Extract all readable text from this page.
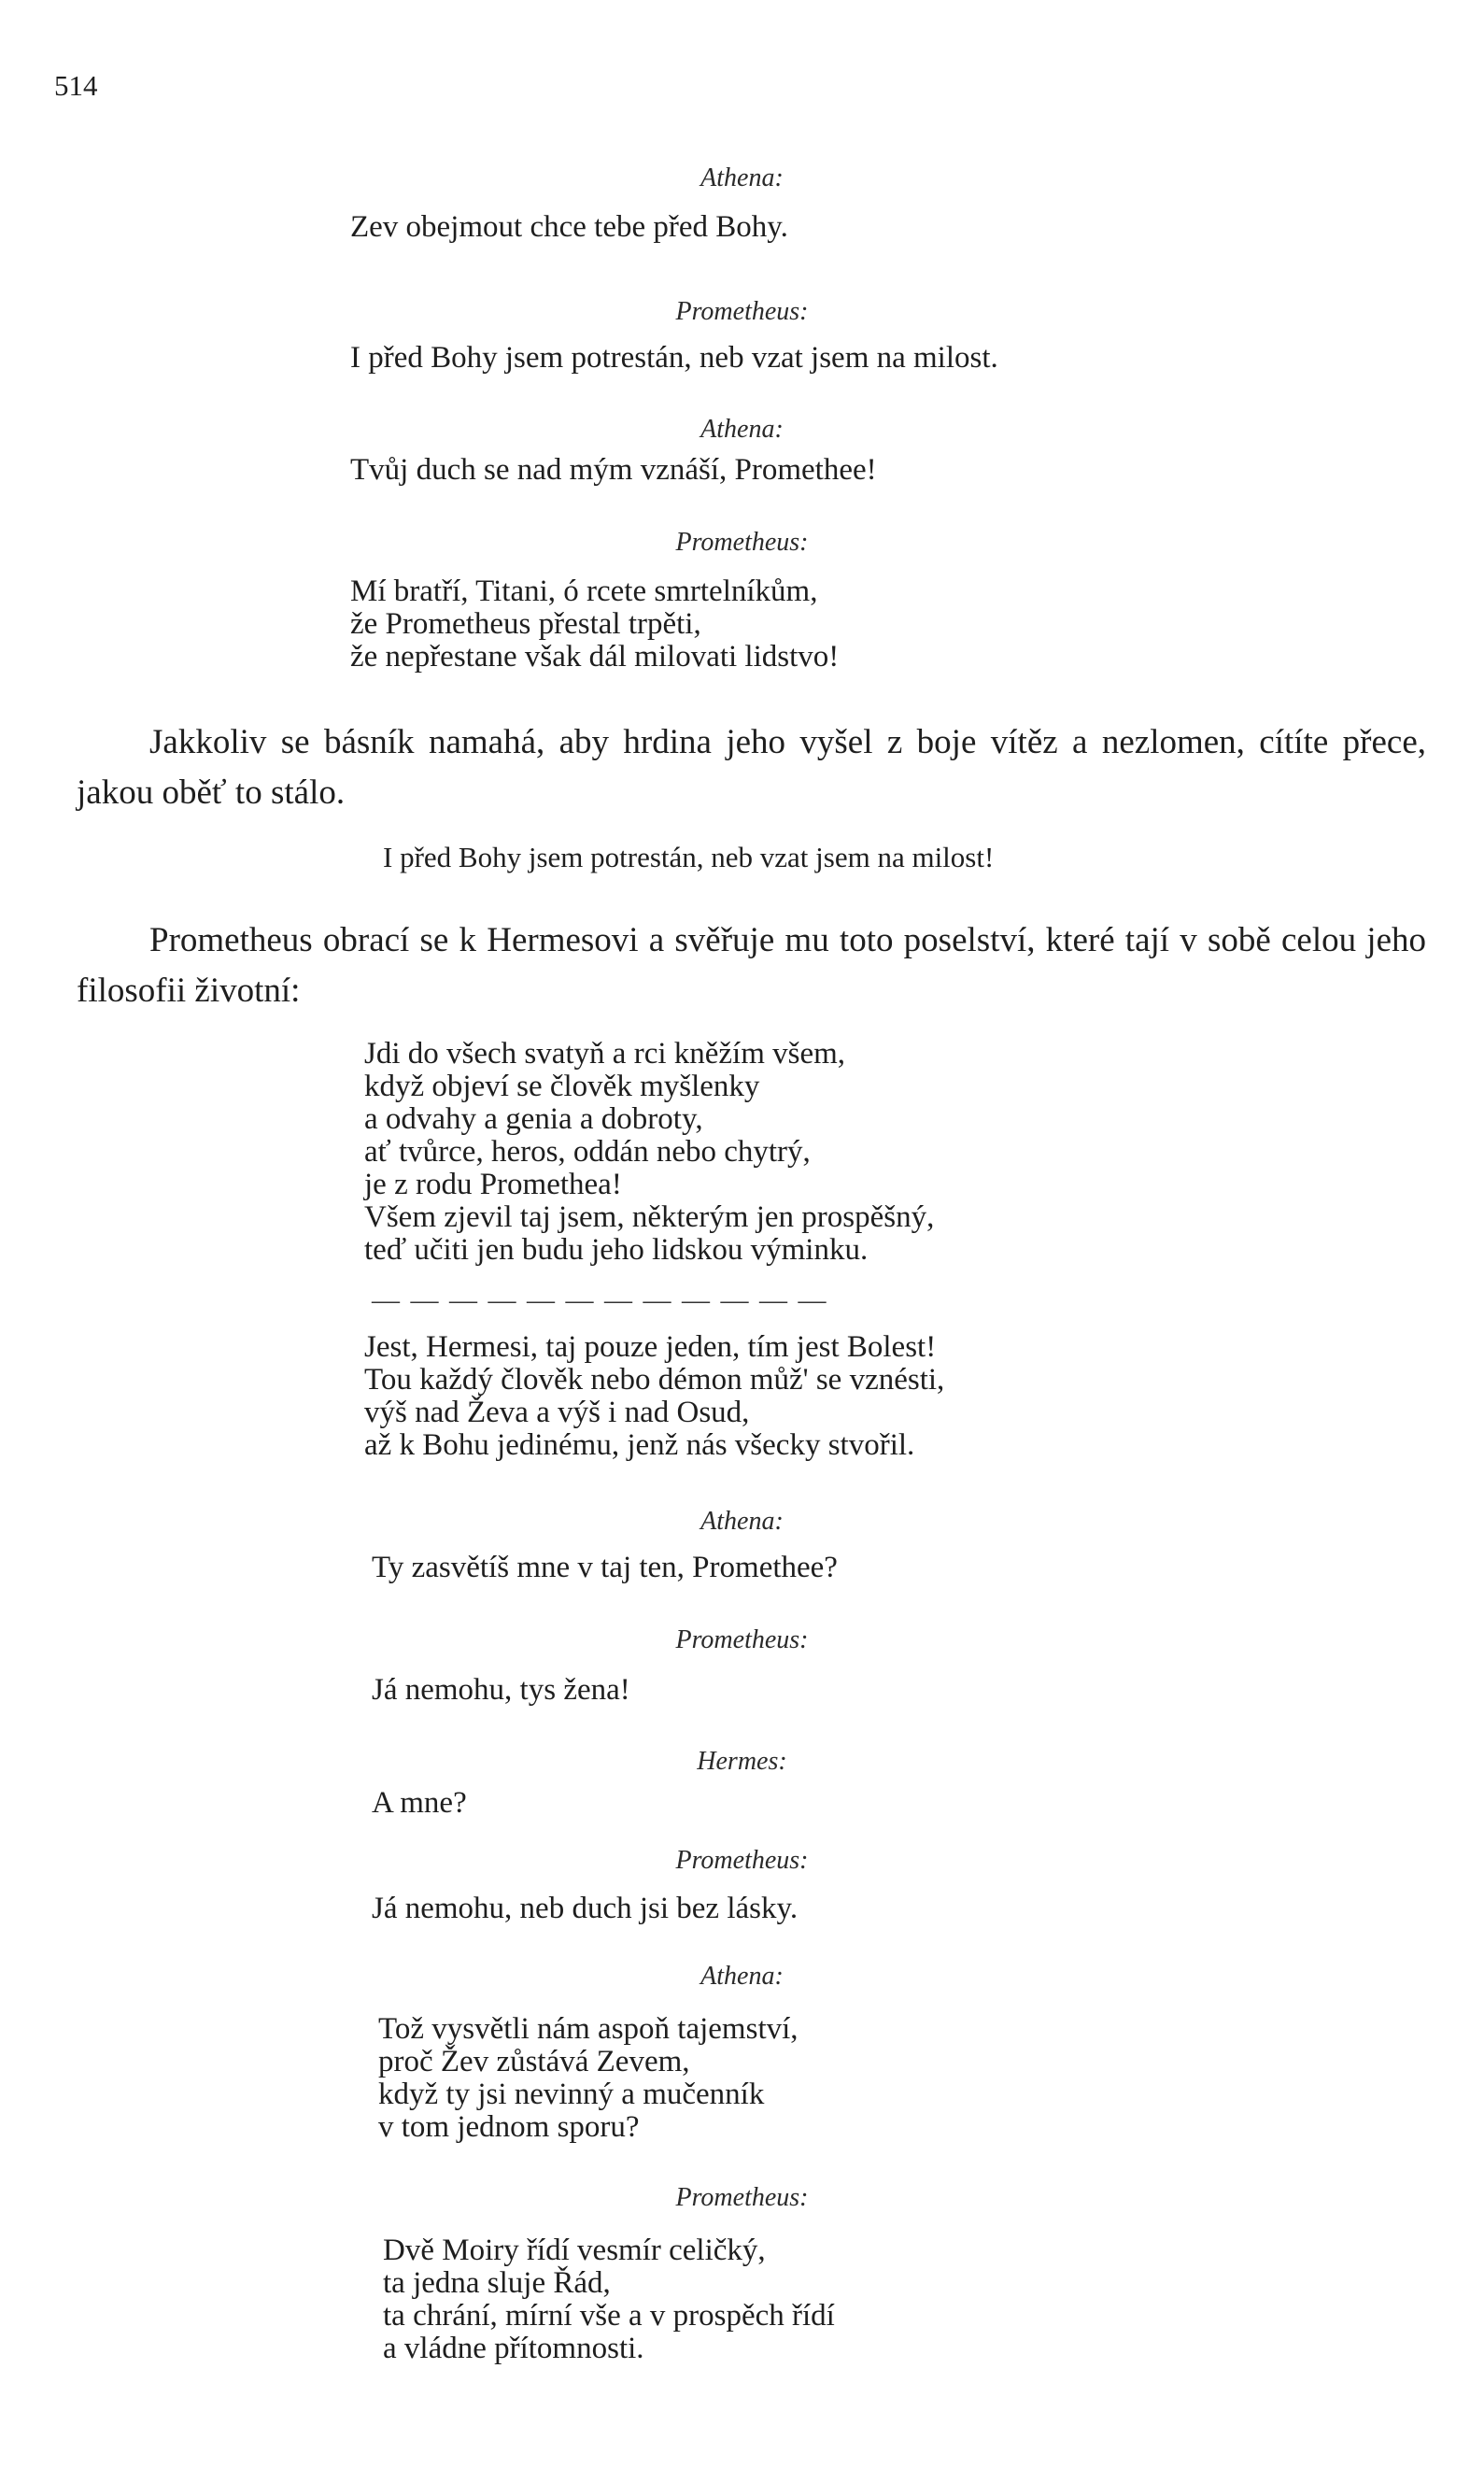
514
Athena:
Zev obejmout chce tebe před Bohy.
Prometheus:
I před Bohy jsem potrestán, neb vzat jsem na milost.
Athena:
Tvůj duch se nad mým vznáší, Promethee!
Prometheus:
Mí bratří, Titani, ó rcete smrtelníkům,
že Prometheus přestal trpěti,
že nepřestane však dál milovati lidstvo!
Jakkoliv se básník namahá, aby hrdina jeho vyšel z boje vítěz a nezlomen, cítíte přece, jakou oběť to stálo.
I před Bohy jsem potrestán, neb vzat jsem na milost!
Prometheus obrací se k Hermesovi a svěřuje mu toto poselství, které tají v sobě celou jeho filosofii životní:
Jdi do všech svatyň a rci kněžím všem,
když objeví se člověk myšlenky
a odvahy a genia a dobroty,
ať tvůrce, heros, oddán nebo chytrý,
je z rodu Promethea!
Všem zjevil taj jsem, některým jen prospěšný,
teď učiti jen budu jeho lidskou výminku.
— — — — — — — — — — — —
Jest, Hermesi, taj pouze jeden, tím jest Bolest!
Tou každý člověk nebo démon můž' se vznésti,
výš nad Ževa a výš i nad Osud,
až k Bohu jedinému, jenž nás všecky stvořil.
Athena:
Ty zasvětíš mne v taj ten, Promethee?
Prometheus:
Já nemohu, tys žena!
Hermes:
A mne?
Prometheus:
Já nemohu, neb duch jsi bez lásky.
Athena:
Tož vysvětli nám aspoň tajemství,
proč Žev zůstává Zevem,
když ty jsi nevinný a mučenník
v tom jednom sporu?
Prometheus:
Dvě Moiry řídí vesmír celičký,
ta jedna sluje Řád,
ta chrání, mírní vše a v prospěch řídí
a vládne přítomnosti.
